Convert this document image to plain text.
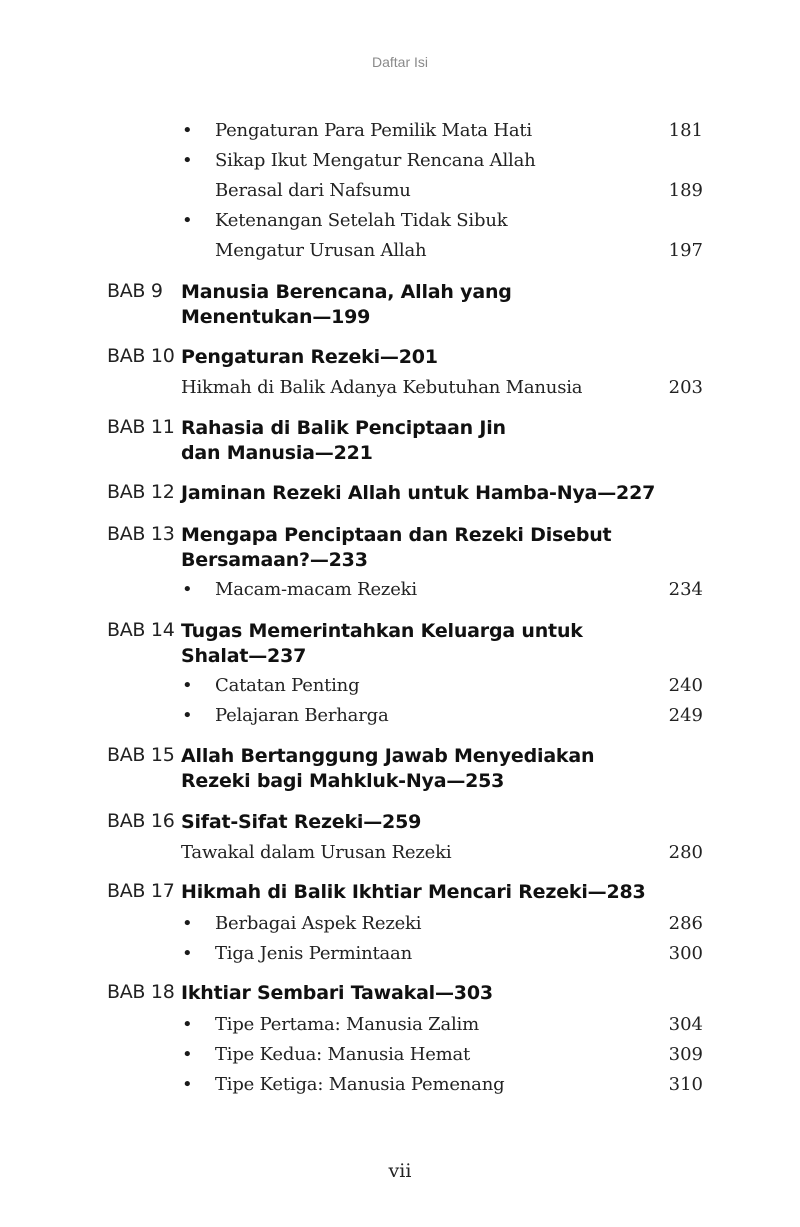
Daftar Isi
• Pengaturan Para Pemilik Mata Hati	181
• Sikap Ikut Mengatur Rencana Allah
Berasal dari Nafsumu	189
• Ketenangan Setelah Tidak Sibuk
Mengatur Urusan Allah	197
BAB 9 Manusia Berencana, Allah yang
Menentukan—199
BAB 10 Pengaturan Rezeki—201
Hikmah di Balik Adanya Kebutuhan Manusia	203
BAB 11 Rahasia di Balik Penciptaan Jin
dan Manusia—221
BAB 12 Jaminan Rezeki Allah untuk Hamba-Nya—227
BAB 13 Mengapa Penciptaan dan Rezeki Disebut
Bersamaan?—233
• Macam-macam Rezeki	234
BAB 14 Tugas Memerintahkan Keluarga untuk
Shalat—237
• Catatan Penting	240
• Pelajaran Berharga	249
BAB 15 Allah Bertanggung Jawab Menyediakan
Rezeki bagi Mahkluk-Nya—253
BAB 16 Sifat-Sifat Rezeki—259
Tawakal dalam Urusan Rezeki	280
BAB 17 Hikmah di Balik Ikhtiar Mencari Rezeki—283
• Berbagai Aspek Rezeki	286
• Tiga Jenis Permintaan	300
BAB 18 Ikhtiar Sembari Tawakal—303
• Tipe Pertama: Manusia Zalim	304
• Tipe Kedua: Manusia Hemat	309
• Tipe Ketiga: Manusia Pemenang	310
vii
